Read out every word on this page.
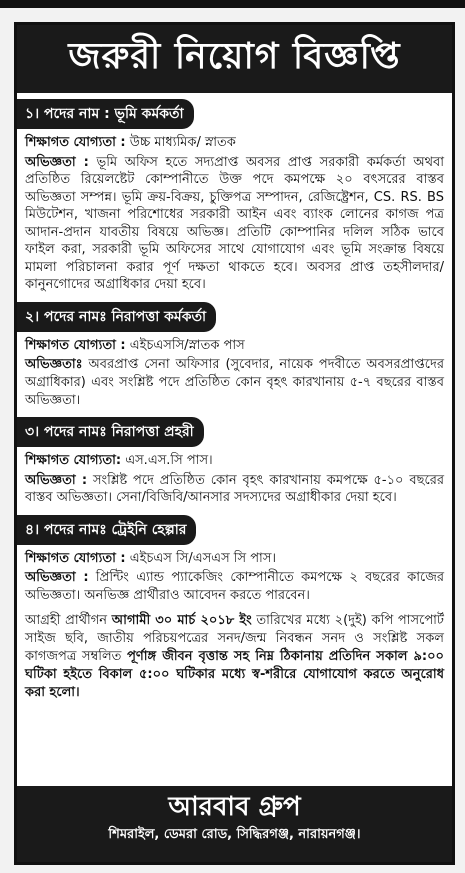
জরুরী নিয়োগ বিজ্ঞপ্তি
১। পদের নাম : ভূমি কর্মকর্তা
শিক্ষাগত যোগ্যতা : উচ্চ মাধ্যমিক/ স্নাতক
অভিজ্ঞতা : ভূমি অফিস হতে সদ্যপ্রাপ্ত অবসর প্রাপ্ত সরকারী কর্মকর্তা অথবা প্রতিষ্ঠিত রিয়েলষ্টেট কোম্পানীতে উক্ত পদে কমপক্ষে ২০ বৎসরের বাস্তব অভিজ্ঞতা সম্পন্ন। ভূমি ক্রয়-বিক্রয়, চুক্তিপত্র সম্পাদন, রেজিষ্ট্রেশন, CS. RS. BS মিউটেশন, খাজনা পরিশোধের সরকারী আইন এবং ব্যাংক লোনের কাগজ পত্র আদান-প্রদান যাবতীয় বিষয়ে অভিজ্ঞ। প্রতিটি কোম্পানির দলিল সঠিক ভাবে ফাইল করা, সরকারী ভূমি অফিসের সাথে যোগাযোগ এবং ভূমি সংক্রান্ত বিষয়ে মামলা পরিচালনা করার পূর্ণ দক্ষতা থাকতে হবে। অবসর প্রাপ্ত তহসীলদার/ কানুনগোদের অগ্রাধিকার দেয়া হবে।
২। পদের নামঃ নিরাপত্তা কর্মকর্তা
শিক্ষাগত যোগ্যতা : এইচএসসি/স্নাতক পাস
অভিজ্ঞতাঃ অবরপ্রাপ্ত সেনা অফিসার (সুবেদার, নায়েক পদবীতে অবসরপ্রাপ্তদের অগ্রাধিকার) এবং সংশ্লিষ্ট পদে প্রতিষ্ঠিত কোন বৃহৎ কারখানায় ৫-৭ বছরের বাস্তব অভিজ্ঞতা।
৩। পদের নামঃ নিরাপত্তা প্রহরী
শিক্ষাগত যোগ্যতা: এস.এস.সি পাস।
অভিজ্ঞতা : সংশ্লিষ্ট পদে প্রতিষ্ঠিত কোন বৃহৎ কারখানায় কমপক্ষে ৫-১০ বছরের বাস্তব অভিজ্ঞতা। সেনা/বিজিবি/আনসার সদস্যদের অগ্রাধীকার দেয়া হবে।
৪। পদের নামঃ ট্রেইনি হেল্পার
শিক্ষাগত যোগ্যতা : এইচএস সি/এসএস সি পাস।
অভিজ্ঞতা : প্রিন্টিং এ্যান্ড প্যাকেজিং কোম্পানীতে কমপক্ষে ২ বছরের কাজের অভিজ্ঞতা। অনভিজ্ঞ প্রার্থীরাও আবেদন করতে পারবেন।
আগ্রহী প্রার্থীগন আগামী ৩০ মার্চ ২০১৮ ইং তারিখের মধ্যে ২(দুই) কপি পাসপোর্ট সাইজ ছবি, জাতীয় পরিচয়পত্রের সনদ/জন্ম নিবন্ধন সনদ ও সংশ্লিষ্ট সকল কাগজপত্র সম্বলিত পূর্ণাঙ্গ জীবন বৃত্তান্ত সহ নিম্ন ঠিকানায় প্রতিদিন সকাল ৯:০০ ঘটিকা হইতে বিকাল ৫:০০ ঘটিকার মধ্যে স্ব-শরীরে যোগাযোগ করতে অনুরোধ করা হলো।
আরবাব গ্রুপ
শিমরাইল, ডেমরা রোড, সিদ্ধিরগঞ্জ, নারায়নগঞ্জ।
